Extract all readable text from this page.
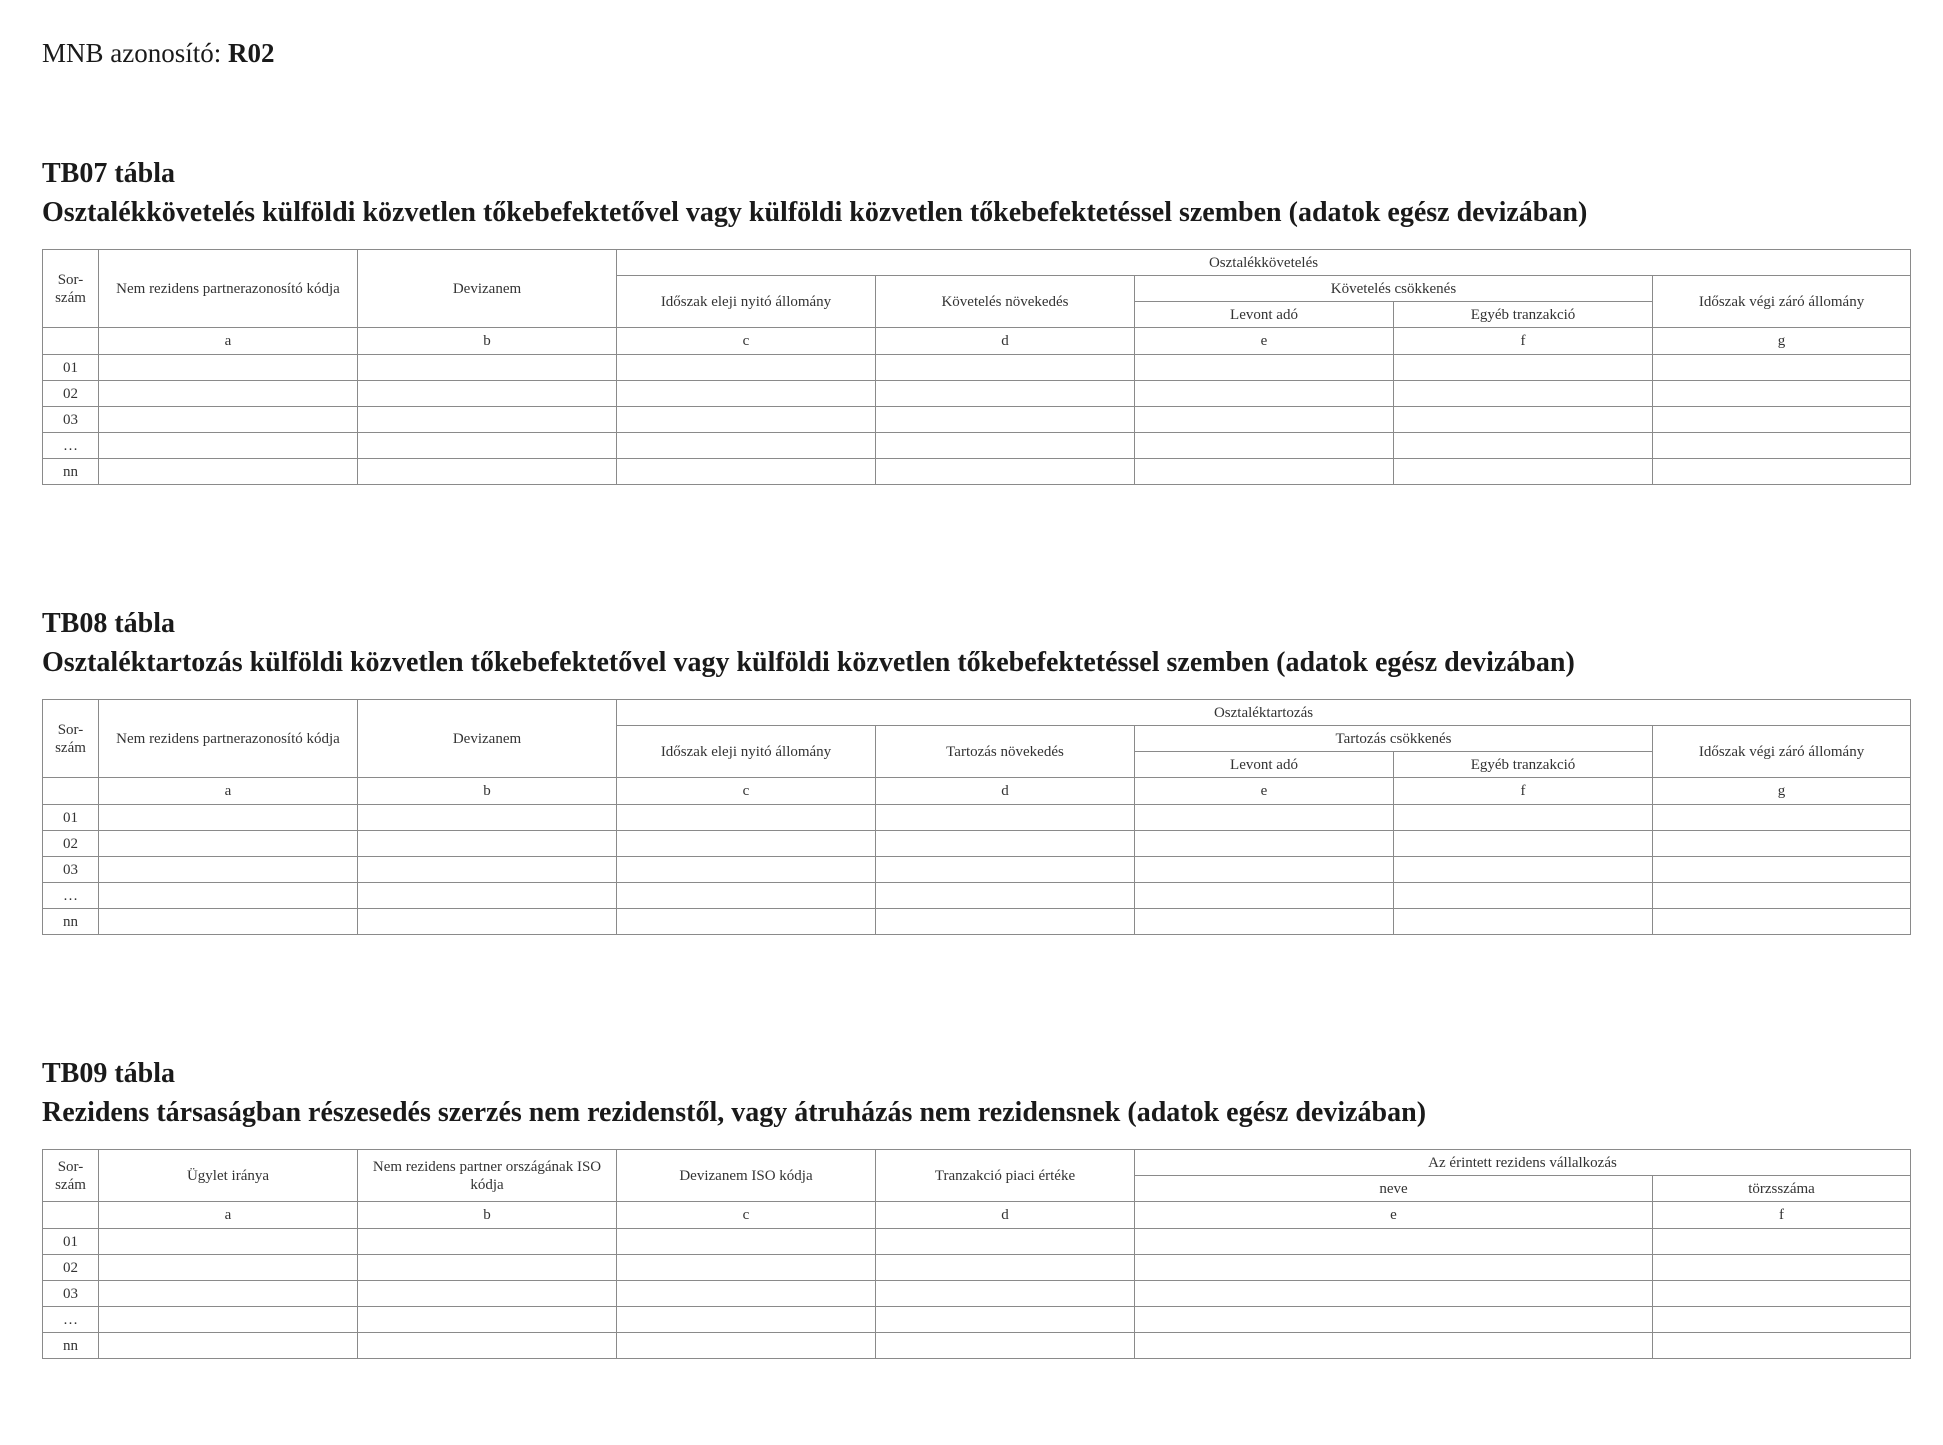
MNB azonosító: R02
TB07 tábla
Osztalékkövetelés külföldi közvetlen tőkebefektetővel vagy külföldi közvetlen tőkebefektetéssel szemben (adatok egész devizában)
Sor-szám	Nem rezidens partnerazonosító kódja	Devizanem	Osztalékkövetelés				
			Időszak eleji nyitó állomány	Követelés növekedés	Követelés csökkenés		Időszak végi záró állomány
					Levont adó	Egyéb tranzakció	
	a	b	c	d	e	f	g
01							
02							
03							
…							
nn							
TB08 tábla
Osztaléktartozás külföldi közvetlen tőkebefektetővel vagy külföldi közvetlen tőkebefektetéssel szemben (adatok egész devizában)
Sor-szám	Nem rezidens partnerazonosító kódja	Devizanem	Osztaléktartozás				
			Időszak eleji nyitó állomány	Tartozás növekedés	Tartozás csökkenés		Időszak végi záró állomány
					Levont adó	Egyéb tranzakció	
	a	b	c	d	e	f	g
01							
02							
03							
…							
nn							
TB09 tábla
Rezidens társaságban részesedés szerzés nem rezidenstől, vagy átruházás nem rezidensnek (adatok egész devizában)
Sor-szám	Ügylet iránya	Nem rezidens partner országának ISO kódja	Devizanem ISO kódja	Tranzakció piaci értéke	Az érintett rezidens vállalkozás	
					neve	törzsszáma
	a	b	c	d	e	f
01						
02						
03						
…						
nn						
